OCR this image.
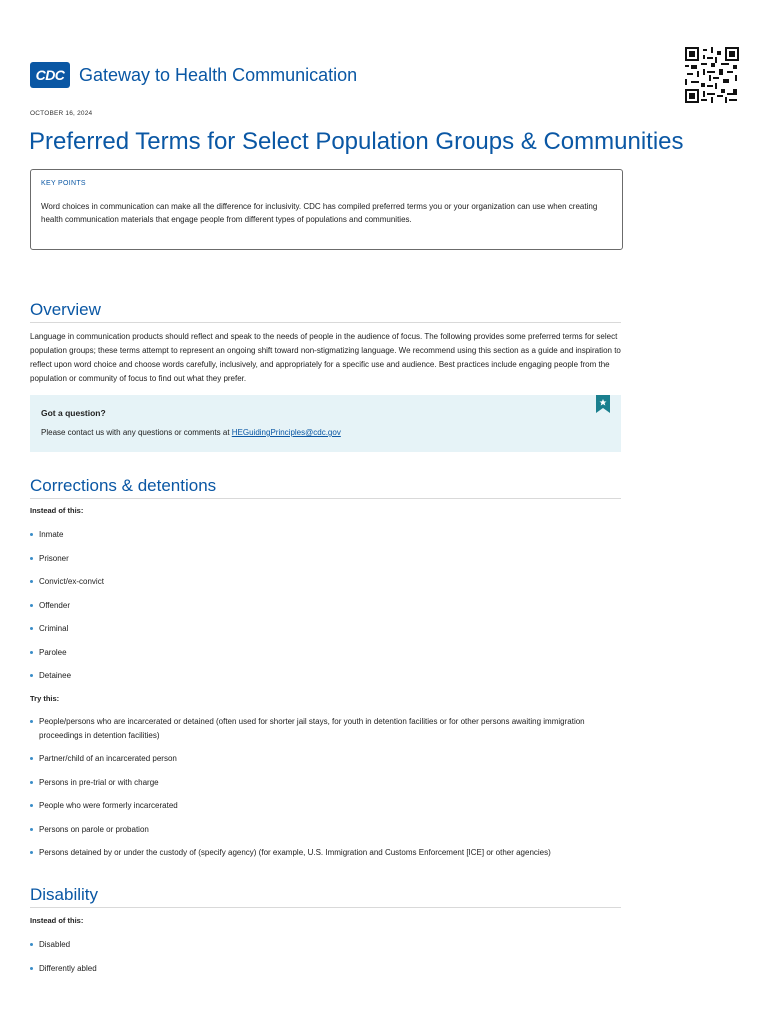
CDC Gateway to Health Communication
OCTOBER 16, 2024
Preferred Terms for Select Population Groups & Communities
KEY POINTS
Word choices in communication can make all the difference for inclusivity. CDC has compiled preferred terms you or your organization can use when creating health communication materials that engage people from different types of populations and communities.
Overview

Language in communication products should reflect and speak to the needs of people in the audience of focus. The following provides some preferred terms for select population groups; these terms attempt to represent an ongoing shift toward non-stigmatizing language. We recommend using this section as a guide and inspiration to reflect upon word choice and choose words carefully, inclusively, and appropriately for a specific use and audience. Best practices include engaging people from the population or community of focus to find out what they prefer.

Got a question?
Please contact us with any questions or comments at HEGuidingPrinciples@cdc.gov
Corrections & detentions
Instead of this:
Inmate
Prisoner
Convict/ex-convict
Offender
Criminal
Parolee
Detainee
Try this:
People/persons who are incarcerated or detained (often used for shorter jail stays, for youth in detention facilities or for other persons awaiting immigration proceedings in detention facilities)
Partner/child of an incarcerated person
Persons in pre-trial or with charge
People who were formerly incarcerated
Persons on parole or probation
Persons detained by or under the custody of (specify agency) (for example, U.S. Immigration and Customs Enforcement [ICE] or other agencies)
Disability
Instead of this:
Disabled
Differently abled
